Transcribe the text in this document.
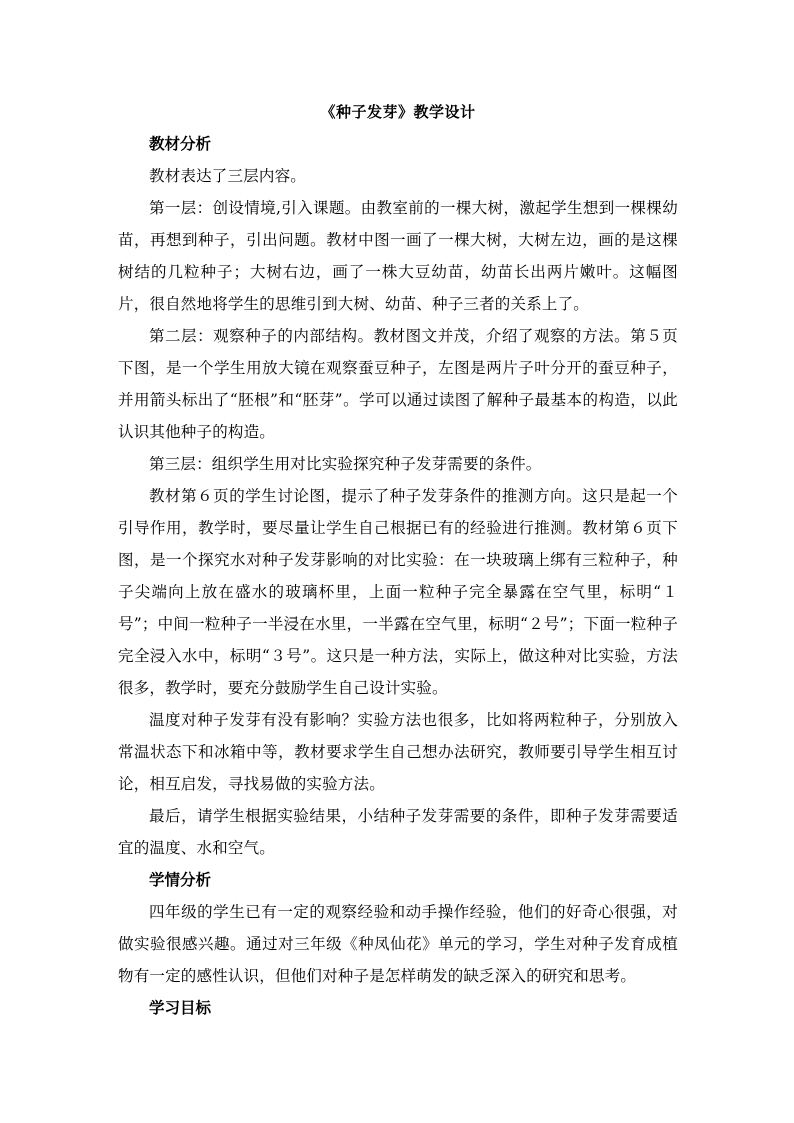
《种子发芽》教学设计

教材分析

教材表达了三层内容。

第一层：创设情境,引入课题。由教室前的一棵大树，激起学生想到一棵棵幼苗，再想到种子，引出问题。教材中图一画了一棵大树，大树左边，画的是这棵树结的几粒种子；大树右边，画了一株大豆幼苗，幼苗长出两片嫩叶。这幅图片，很自然地将学生的思维引到大树、幼苗、种子三者的关系上了。

第二层：观察种子的内部结构。教材图文并茂，介绍了观察的方法。第５页下图，是一个学生用放大镜在观察蚕豆种子，左图是两片子叶分开的蚕豆种子，并用箭头标出了“胚根”和“胚芽”。学可以通过读图了解种子最基本的构造，以此认识其他种子的构造。

第三层：组织学生用对比实验探究种子发芽需要的条件。

教材第６页的学生讨论图，提示了种子发芽条件的推测方向。这只是起一个引导作用，教学时，要尽量让学生自己根据已有的经验进行推测。教材第６页下图，是一个探究水对种子发芽影响的对比实验：在一块玻璃上绑有三粒种子，种子尖端向上放在盛水的玻璃杯里，上面一粒种子完全暴露在空气里，标明“１号”；中间一粒种子一半浸在水里，一半露在空气里，标明“２号”；下面一粒种子完全浸入水中，标明“３号”。这只是一种方法，实际上，做这种对比实验，方法很多，教学时，要充分鼓励学生自己设计实验。

温度对种子发芽有没有影响？实验方法也很多，比如将两粒种子，分别放入常温状态下和冰箱中等，教材要求学生自己想办法研究，教师要引导学生相互讨论，相互启发，寻找易做的实验方法。

最后，请学生根据实验结果，小结种子发芽需要的条件，即种子发芽需要适宜的温度、水和空气。

学情分析

四年级的学生已有一定的观察经验和动手操作经验，他们的好奇心很强，对做实验很感兴趣。通过对三年级《种凤仙花》单元的学习，学生对种子发育成植物有一定的感性认识，但他们对种子是怎样萌发的缺乏深入的研究和思考。

学习目标
